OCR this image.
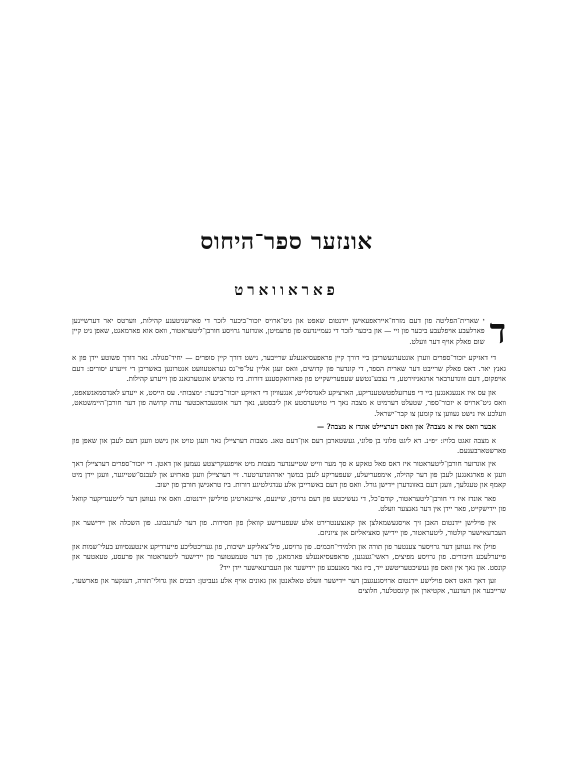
אונזער ספר־היחוס
פאראווארט

ד
י שארית־הפליטה פון דעם מזרח־אייראפעאישן יידנטום שאפט און גיט־ארויס יזכור־ביכער לזכר די פארשניטענע קהילות, ווערטס יאר דערשיינען פארלעבע אויפלעבע ביכער פון זיי — און ביכער לזכר די געמיינדעס פון פרעמיטן, אונדזער גרויסע חורבן־ליטעראטור, וואס אוא פארמאגט, שאפן ניט קיין שום פאלק אויף דער וועלט.

די דאזיקע יזכור־ספרים ווערן אונטערגעשריבן ביי דורך קיין פראפעסיאנעלע שרייבער, נישט דורך קיין סופרים — יחיד־סגולה. נאר דורך פשוטע יידן פון א גאנץ יאר. דאס פאלק שרייבט דער שארית הספר, די קונדער פון קדושים, וואס זעגן אליין על־פי־נס געראטעוועט אנטרונען באשריבן די זייערע יסורים: דעם אויפקום, דעם ווונדערבאר ארגאניזירטע, די נצבע־נטשע שעפערישקייט פון פארוואקסענע דורות. ביז טראגיש אונטערגאנג פון זייערע קהילות.

און עס איז אנגעגאנגען ביי די פערזעלפטשטענדיקע, הארציקע לאנדסלייט, אנגעוויזן די דאזיקע יזכור־ביכער: ״מצבות״. עס הייסט, א ייעדע לאנדסמאנשאפט, וואס גיט־ארויס א יזכור־ספר, שטעלט דערמיט א מצבה נאך די טויטערסטע און ליבסטע, נאך דער אומגעבראכטער עדה קדושה פון דער חורבן־היימשטאט, וועלכע איז נישט געווען צו קומען צו קבר־ישראל.

אבער וואס איז א מצבה? און וואס דערציילט אונדז א מצבה? —

א מצבה זאגט בלויז: ״פ״נ. דא ליגט פלוני בן פלוני, געשטארבן דעם און־דעם טאג. מצבות דערציילן נאר וועגן טויט און נישט וועגן דעם לעבן און שאפן פון פארשטארבענעם.

אין אונדזער חורבן־ליטעראטור איז דאס פאל טאקע א סך מער ווייט שטייענדער מצבות מיט אויפגעקריצטע נעמען און דאטן. די יזכור־ספרים דערציילן דאך וועגן א פארגאנגען לעבן פון דער קהילה, אימפעריעלע, שעפעריקע לעבן במשך יארהונדערטער. זיי דערציילן וועגן פארזיע און לעבנס־שטייגער, וועגן יידן מיט קאמף און טעגלעך, וועגן דעם באזונדערן יידישן גורל. וואס פון דעם באשרייבן אלע ענדגילטיגע דורות. ביז טראגישן חורבן פון ישוב.

פאר אונדז איז די חורבן־ליטעראטור, קודם־כל, די געשיכטע פון דעם גרויסן, שיינעם, אייגנארטיגן פוילישן יידנטום. וואס איז געווען דער לייטענדיקער קוואל פון יידישקייט, פאר יידן אין דער גאנצער וועלט.

אין פוילישן יידנטום האבן זיך אויסגעשמאלצן און קאנצענטרירט אלע שעפערישע קוואלן פון חסידות. פון דער לערנגבונג. פון השכלה און יידישער און העברעאישער קולטור, ליטעראטור, פון יידישן סאציאליזם און ציוניזם.

פוילן איז געווען דער גרויסער צענטער פון תורה און תלמידי־חכמים. פון גרויסע, פיל־צאליקע ישיבות, פון געריכטליכע פייערדיקע אינטענסיווע בעלי־שמות און פייערלעכע חיבורים. פון גרויסע מפיצים, ראשי־גענגען, פראפעסיאנעלע פארמאגן, פון דער טעמעטוער פון יידישער ליטעראטור און פרעסע, טעאטער און קונסט. און נאך אין וואס פון געשיכטעריטשע ייד, ביז גאר מאנעכע פון יידישער און העברעאישער יידן ייד?

זען דאך האט דאס פוילישע יידנטום ארויסגעגעבן דער יידישער וועלט טאלאנטן און גאונים אויף אלע געביטן: רבנים און גדולי־תורה, דענקער און פארשער, שרייבער און רעדנער, אקטיארן און קינסטלער, חלוצים
